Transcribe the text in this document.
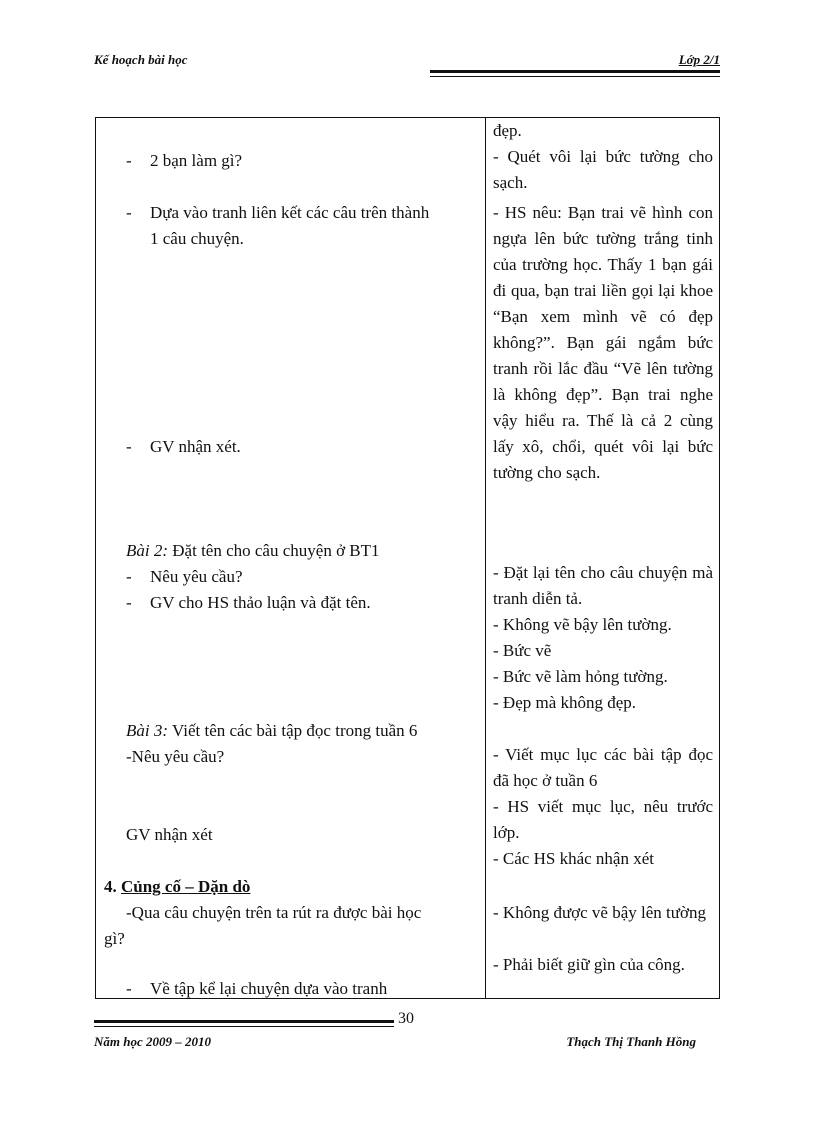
Kế hoạch bài học	Lớp 2/1
- 2 bạn làm gì?
- Dựa vào tranh liên kết các câu trên thành
1 câu chuyện.
- GV nhận xét.
Bài 2: Đặt tên cho câu chuyện ở BT1
- Nêu yêu cầu?
- GV cho HS thảo luận và đặt tên.
Bài 3: Viết tên các bài tập đọc trong tuần 6
-Nêu yêu cầu?
GV nhận xét
4. Củng cố – Dặn dò
-Qua câu chuyện trên ta rút ra được bài học
gì?
- Về tập kể lại chuyện dựa vào tranh
đẹp.
- Quét vôi lại bức tường cho sạch.
- HS nêu: Bạn trai vẽ hình con ngựa lên bức tường trắng tinh của trường học. Thấy 1 bạn gái đi qua, bạn trai liền gọi lại khoe “Bạn xem mình vẽ có đẹp không?”. Bạn gái ngắm bức tranh rồi lắc đầu “Vẽ lên tường là không đẹp”. Bạn trai nghe vậy hiểu ra. Thế là cả 2 cùng lấy xô, chổi, quét vôi lại bức tường cho sạch.
- Đặt lại tên cho câu chuyện mà tranh diễn tả.
- Không vẽ bậy lên tường.
- Bức vẽ
- Bức vẽ làm hỏng tường.
- Đẹp mà không đẹp.
- Viết mục lục các bài tập đọc đã học ở tuần 6
- HS viết mục lục, nêu trước lớp.
- Các HS khác nhận xét
- Không được vẽ bậy lên tường
- Phải biết giữ gìn của công.
30
Năm học 2009 – 2010	Thạch Thị Thanh Hồng
